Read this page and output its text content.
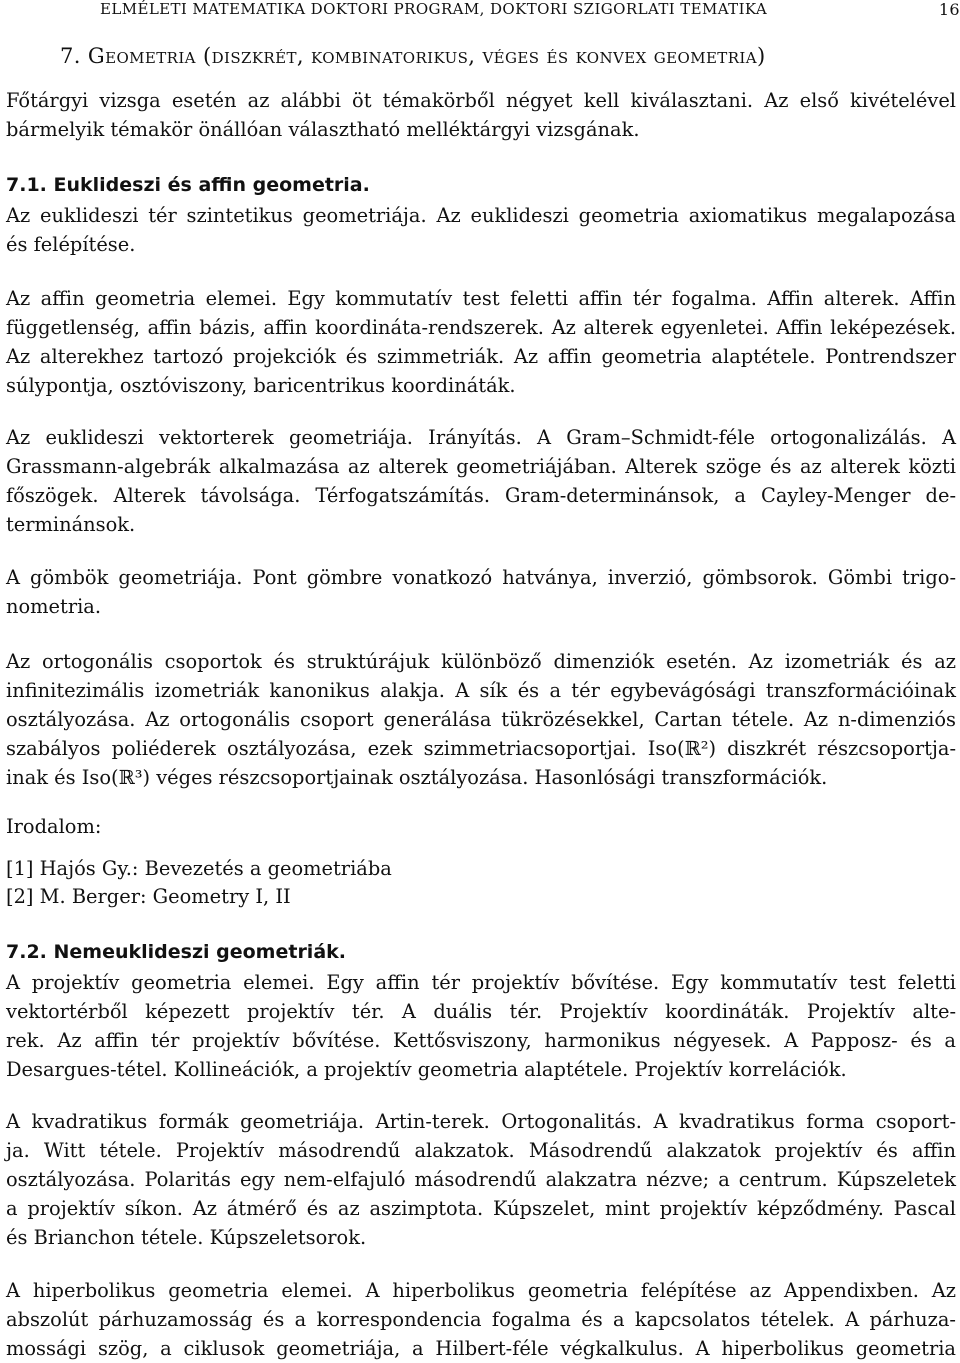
ELMÉLETI MATEMATIKA DOKTORI PROGRAM, DOKTORI SZIGORLATI TEMATIKA	16
7. Geometria (diszkrét, kombinatorikus, véges és konvex geometria)
Főtárgyi vizsga esetén az alábbi öt témakörből négyet kell kiválasztani. Az első kivételével
bármelyik témakör önállóan választható melléktárgyi vizsgának.
7.1. Euklideszi és affin geometria.
Az euklideszi tér szintetikus geometriája. Az euklideszi geometria axiomatikus megalapozása
és felépítése.
Az affin geometria elemei. Egy kommutatív test feletti affin tér fogalma. Affin alterek. Affin
függetlenség, affin bázis, affin koordináta-rendszerek. Az alterek egyenletei. Affin leképezések.
Az alterekhez tartozó projekciók és szimmetriák. Az affin geometria alaptétele. Pontrendszer
súlypontja, osztóviszony, baricentrikus koordináták.
Az euklideszi vektorterek geometriája. Irányítás. A Gram–Schmidt-féle ortogonalizálás. A
Grassmann-algebrák alkalmazása az alterek geometriájában. Alterek szöge és az alterek közti
főszögek. Alterek távolsága. Térfogatszámítás. Gram-determinánsok, a Cayley-Menger de-
terminánsok.
A gömbök geometriája. Pont gömbre vonatkozó hatványa, inverzió, gömbsorok. Gömbi trigo-
nometria.
Az ortogonális csoportok és struktúrájuk különböző dimenziók esetén. Az izometriák és az
infinitezimális izometriák kanonikus alakja. A sík és a tér egybevágósági transzformációinak
osztályozása. Az ortogonális csoport generálása tükrözésekkel, Cartan tétele. Az n-dimenziós
szabályos poliéderek osztályozása, ezek szimmetriacsoportjai. Iso(ℝ²) diszkrét részcsoportja-
inak és Iso(ℝ³) véges részcsoportjainak osztályozása. Hasonlósági transzformációk.
Irodalom:
[1] Hajós Gy.: Bevezetés a geometriába
[2] M. Berger: Geometry I, II
7.2. Nemeuklideszi geometriák.
A projektív geometria elemei. Egy affin tér projektív bővítése. Egy kommutatív test feletti
vektortérből képezett projektív tér. A duális tér. Projektív koordináták. Projektív alte-
rek. Az affin tér projektív bővítése. Kettősviszony, harmonikus négyesek. A Papposz- és a
Desargues-tétel. Kollineációk, a projektív geometria alaptétele. Projektív korrelációk.
A kvadratikus formák geometriája. Artin-terek. Ortogonalitás. A kvadratikus forma csoport-
ja. Witt tétele. Projektív másodrendű alakzatok. Másodrendű alakzatok projektív és affin
osztályozása. Polaritás egy nem-elfajuló másodrendű alakzatra nézve; a centrum. Kúpszeletek
a projektív síkon. Az átmérő és az aszimptota. Kúpszelet, mint projektív képződmény. Pascal
és Brianchon tétele. Kúpszeletsorok.
A hiperbolikus geometria elemei. A hiperbolikus geometria felépítése az Appendixben. Az
abszolút párhuzamosság és a korrespondencia fogalma és a kapcsolatos tételek. A párhuza-
mossági szög, a ciklusok geometriája, a Hilbert-féle végkalkulus. A hiperbolikus geometria
